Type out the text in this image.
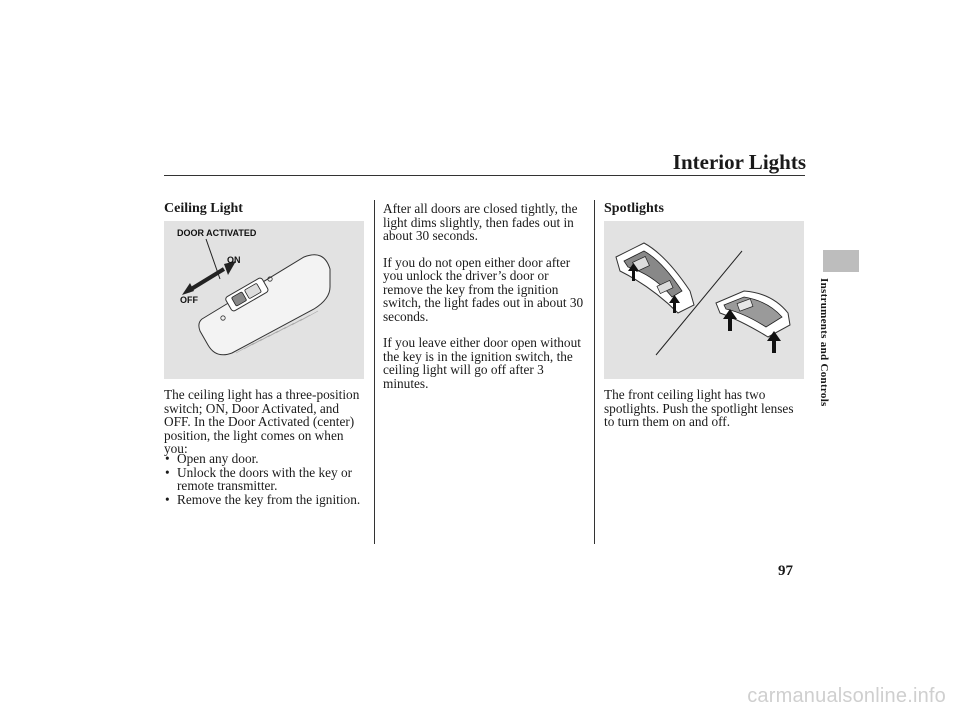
Interior Lights
Instruments and Controls
Ceiling Light
DOOR ACTIVATED
ON
OFF

The ceiling light has a three-position switch; ON, Door Activated, and OFF. In the Door Activated (center) position, the light comes on when you:

• Open any door.
• Unlock the doors with the key or remote transmitter.
• Remove the key from the ignition.

After all doors are closed tightly, the light dims slightly, then fades out in about 30 seconds.

If you do not open either door after you unlock the driver’s door or remove the key from the ignition switch, the light fades out in about 30 seconds.

If you leave either door open without the key is in the ignition switch, the ceiling light will go off after 3 minutes.

Spotlights

The front ceiling light has two spotlights. Push the spotlight lenses to turn them on and off.

97

carmanualsonline.info
